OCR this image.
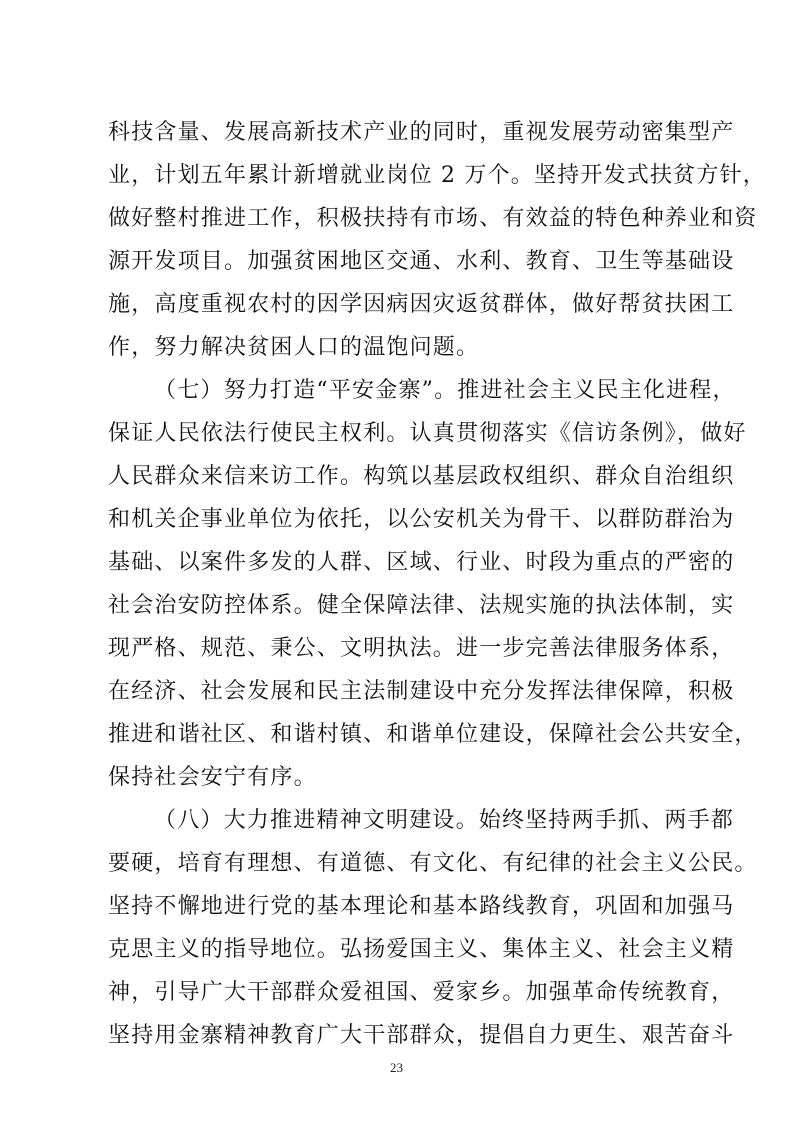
科技含量、发展高新技术产业的同时，重视发展劳动密集型产
业，计划五年累计新增就业岗位 2 万个。坚持开发式扶贫方针，
做好整村推进工作，积极扶持有市场、有效益的特色种养业和资
源开发项目。加强贫困地区交通、水利、教育、卫生等基础设
施，高度重视农村的因学因病因灾返贫群体，做好帮贫扶困工
作，努力解决贫困人口的温饱问题。
（七）努力打造“平安金寨”。推进社会主义民主化进程，
保证人民依法行使民主权利。认真贯彻落实《信访条例》，做好
人民群众来信来访工作。构筑以基层政权组织、群众自治组织
和机关企事业单位为依托，以公安机关为骨干、以群防群治为
基础、以案件多发的人群、区域、行业、时段为重点的严密的
社会治安防控体系。健全保障法律、法规实施的执法体制，实
现严格、规范、秉公、文明执法。进一步完善法律服务体系，
在经济、社会发展和民主法制建设中充分发挥法律保障，积极
推进和谐社区、和谐村镇、和谐单位建设，保障社会公共安全，
保持社会安宁有序。
（八）大力推进精神文明建设。始终坚持两手抓、两手都
要硬，培育有理想、有道德、有文化、有纪律的社会主义公民。
坚持不懈地进行党的基本理论和基本路线教育，巩固和加强马
克思主义的指导地位。弘扬爱国主义、集体主义、社会主义精
神，引导广大干部群众爱祖国、爱家乡。加强革命传统教育，
坚持用金寨精神教育广大干部群众，提倡自力更生、艰苦奋斗
23
